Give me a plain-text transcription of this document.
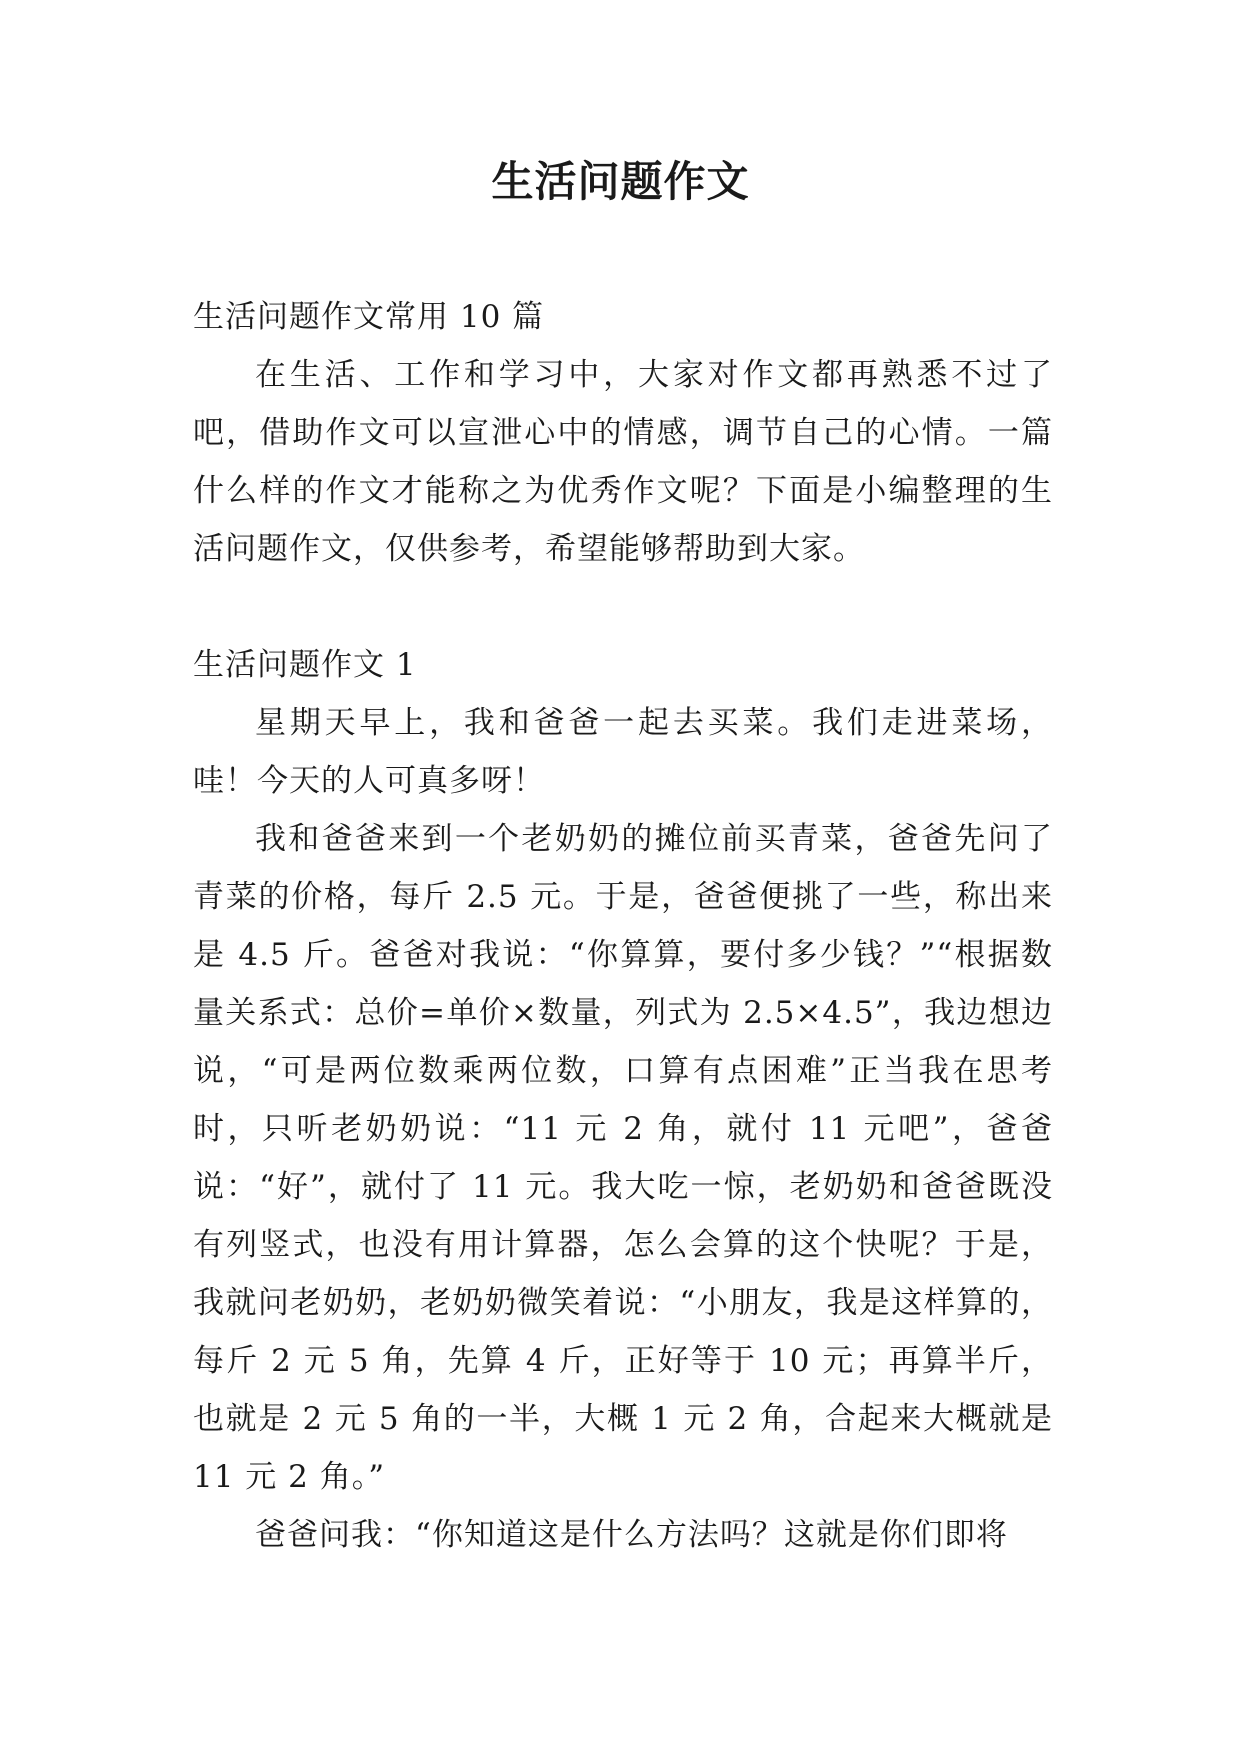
生活问题作文

生活问题作文常用 10 篇

在生活、工作和学习中，大家对作文都再熟悉不过了吧，借助作文可以宣泄心中的情感，调节自己的心情。一篇什么样的作文才能称之为优秀作文呢？下面是小编整理的生活问题作文，仅供参考，希望能够帮助到大家。

生活问题作文 1

星期天早上，我和爸爸一起去买菜。我们走进菜场，哇！今天的人可真多呀！

我和爸爸来到一个老奶奶的摊位前买青菜，爸爸先问了青菜的价格，每斤 2.5 元。于是，爸爸便挑了一些，称出来是 4.5 斤。爸爸对我说：“你算算，要付多少钱？”“根据数量关系式：总价=单价×数量，列式为 2.5×4.5”，我边想边说，“可是两位数乘两位数，口算有点困难”正当我在思考时，只听老奶奶说：“11 元 2 角，就付 11 元吧”，爸爸说：“好”，就付了 11 元。我大吃一惊，老奶奶和爸爸既没有列竖式，也没有用计算器，怎么会算的这个快呢？于是，我就问老奶奶，老奶奶微笑着说：“小朋友，我是这样算的，每斤 2 元 5 角，先算 4 斤，正好等于 10 元；再算半斤，也就是 2 元 5 角的一半，大概 1 元 2 角，合起来大概就是 11 元 2 角。”

爸爸问我：“你知道这是什么方法吗？这就是你们即将
